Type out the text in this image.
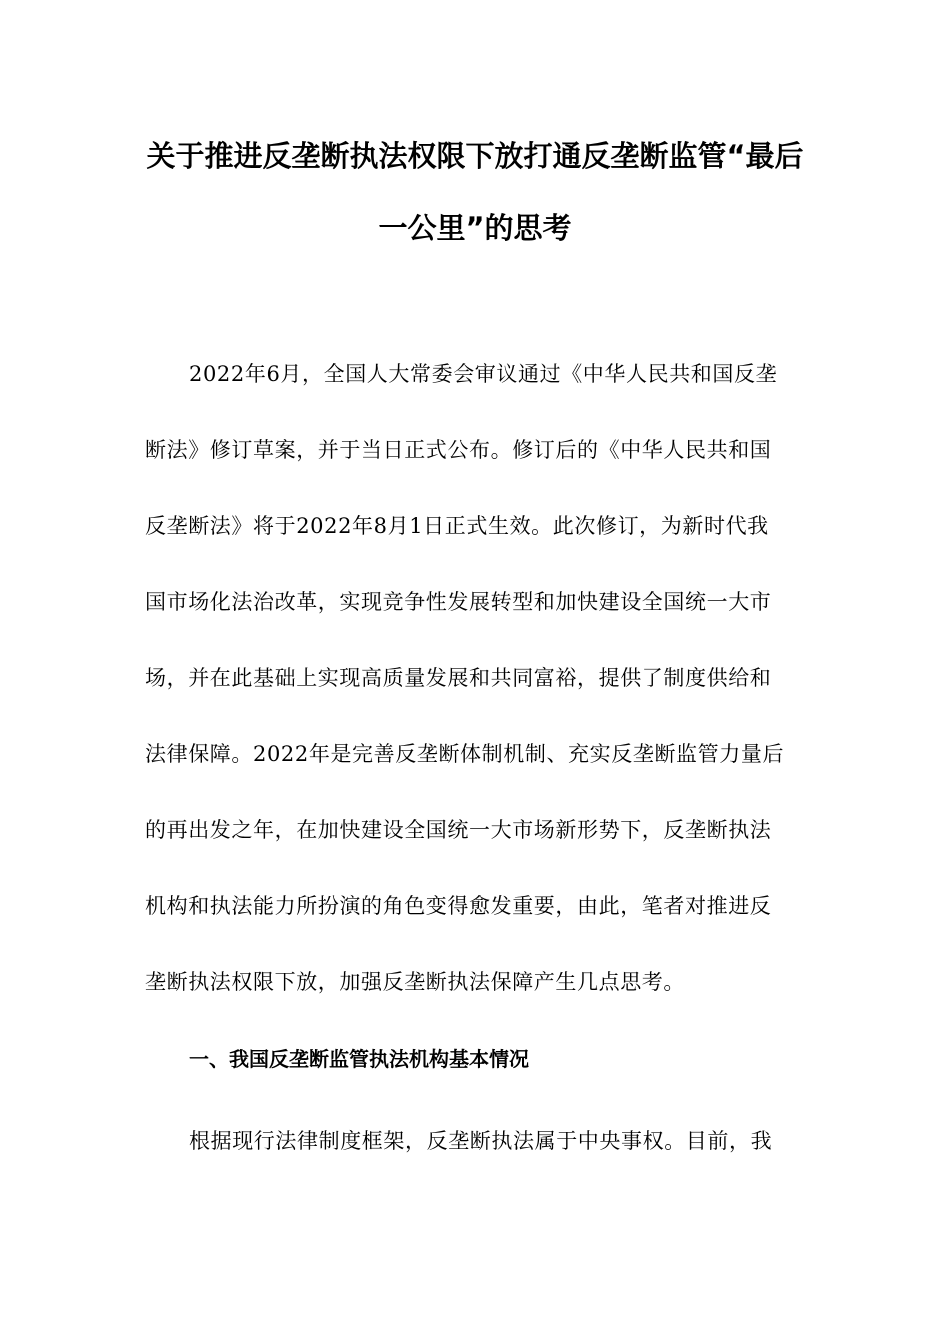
关于推进反垄断执法权限下放打通反垄断监管“最后
一公里”的思考
2022年6月，全国人大常委会审议通过《中华人民共和国反垄
断法》修订草案，并于当日正式公布。修订后的《中华人民共和国
反垄断法》将于2022年8月1日正式生效。此次修订，为新时代我
国市场化法治改革，实现竞争性发展转型和加快建设全国统一大市
场，并在此基础上实现高质量发展和共同富裕，提供了制度供给和
法律保障。2022年是完善反垄断体制机制、充实反垄断监管力量后
的再出发之年，在加快建设全国统一大市场新形势下，反垄断执法
机构和执法能力所扮演的角色变得愈发重要，由此，笔者对推进反
垄断执法权限下放，加强反垄断执法保障产生几点思考。
一、我国反垄断监管执法机构基本情况
根据现行法律制度框架，反垄断执法属于中央事权。目前，我
